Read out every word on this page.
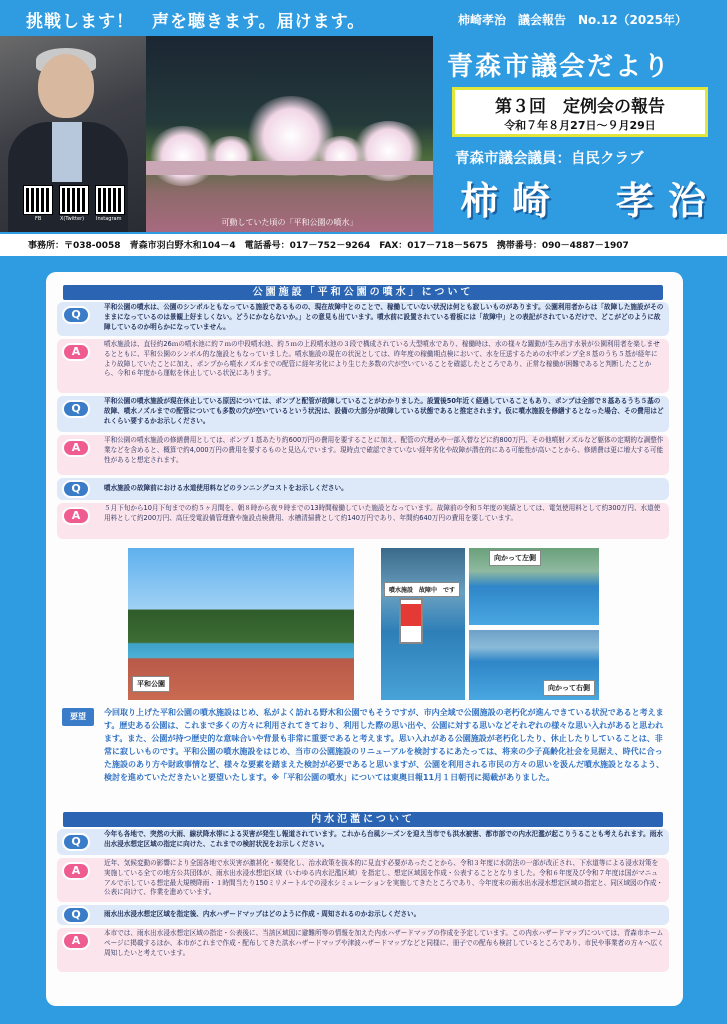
挑戦します！　声を聴きます。届けます。
FB	X(Twitter) Instagram	可動していた頃の「平和公園の噴水」
柿崎孝治　議会報告　No.12（2025年）
青森市議会だより
第３回　定例会の報告
令和７年８月27日～９月29日
青森市議会議員：自民クラブ
柿崎　孝治
事務所：〒038-0058　青森市羽白野木和104－4　電話番号：017－752－9264　FAX：017－718－5675　携帯番号：090－4887－1907
公園施設「平和公園の噴水」について
Q
平和公園の噴水は、公園のシンボルともなっている施設であるものの、現在故障中とのことで、稼働していない状況は何とも寂しいものがあります。公園利用者からは「故障した施設がそのままになっているのは景観上好ましくない。どうにかならないか。」との意見も出ています。噴水前に設置されている看板には「故障中」との表記がされているだけで、どこがどのように故障しているのか明らかになっていません。
A
噴水施設は、直径約26ｍの噴水池に約７ｍの中段噴水池、約５ｍの上段噴水池の３段で構成されている大型噴水であり、稼働時は、水の様々な躍動が生み出す水景が公園利用者を楽しませるとともに、平和公園のシンボル的な施設ともなっていました。噴水施設の現在の状況としては、昨年度の稼働期点検において、水を圧送するための水中ポンプ全８基のうち５基が経年により故障していたことに加え、ポンプから噴水ノズルまでの配管に経年劣化により生じた多数の穴が空いていることを確認したところであり、正常な稼働が困難であると判断したことから、今和６年度から運転を休止している状況にあります。
Q
平和公園の噴水施設が現在休止している原因については、ポンプと配管が故障していることがわかりました。設置後50年近く経過していることもあり、ポンプは全部で８基あるうち５基の故障、噴水ノズルまでの配管についても多数の穴が空いているという状況は、設備の大部分が故障している状態であると推定されます。仮に噴水施設を修繕するとなった場合、その費用はどれくらい要するかお示しください。
A
平和公園の噴水施設の修繕費用としては、ポンプ１基あたり約600万円の費用を要することに加え、配管の穴埋めや一部入替などに約800万円、その他噴射ノズルなど躯体の定期的な調整作業などを含めると、概算で約4,000万円の費用を要するものと見込んでいます。現時点で確認できていない経年劣化や故障が潜在的にある可能性が高いことから、修繕費は更に増大する可能性があると想定されます。
Q	噴水施設の故障前における水道使用料などのランニングコストをお示しください。
A
５月下旬から10月下旬までの約５ヶ月間を、朝８時から夜９時までの13時間稼働していた施設となっています。故障前の令和５年度の実績としては、電気使用料として約300万円、水道使用料として約200万円、高圧受電設備管理費や施設点検費用、水槽清掃費として約140万円であり、年間約640万円の費用を要しています。
平和公園
噴水施設　故障中　です
向かって左側
向かって右側
要望	今回取り上げた平和公園の噴水施設はじめ、私がよく訪れる野木和公園でもそうですが、市内全域で公園施設の老朽化が進んできている状況であると考えます。歴史ある公園は、これまで多くの方々に利用されてきており、利用した際の思い出や、公園に対する思いなどそれぞれの様々な思い入れがあると思われます。また、公園が持つ歴史的な意味合いや背景も非常に重要であると考えます。思い入れがある公園施設が老朽化したり、休止したりしていることは、非常に寂しいものです。平和公園の噴水施設をはじめ、当市の公園施設のリニューアルを検討するにあたっては、将来の少子高齢化社会を見据え、時代に合った施設のあり方や財政事情など、様々な要素を踏まえた検討が必要であると思いますが、公園を利用される市民の方々の思いを汲んだ噴水施設となるよう、検討を進めていただきたいと要望いたします。※「平和公園の噴水」については東奥日報11月１日朝刊に掲載がありました。
内水氾濫について
Q
今年も各地で、突然の大雨、線状降水帯による災害が発生し報道されています。これから台風シーズンを迎え当市でも洪水被害、都市部での内水氾濫が起こりうることも考えられます。雨水出水浸水想定区域の指定に向けた、これまでの検討状況をお示しください。
A
近年、気候変動の影響により全国各地で水災害が激甚化・頻発化し、治水政策を抜本的に見直す必要があったことから、令和３年度に水防法の一部が改正され、下水道等による浸水対策を実施している全ての地方公共団体が、雨水出水浸水想定区域（いわゆる内水氾濫区域）を指定し、想定区域図を作成・公表することとなりました。令和６年度及び令和７年度は国がマニュアルで示している想定最大規模降雨・１時間当たり150ミリメートルでの浸水シミュレーションを実施してきたところであり、今年度末の雨水出水浸水想定区域の指定と、同区域図の作成・公表に向けて、作業を進めています。
Q	雨水出水浸水想定区域を指定後、内水ハザードマップはどのように作成・周知されるのかお示しください。
A
本市では、雨水出水浸水想定区域の指定・公表後に、当該区域図に避難所等の情報を加えた内水ハザードマップの作成を予定しています。この内水ハザードマップについては、青森市ホームページに掲載するほか、本市がこれまで作成・配布してきた洪水ハザードマップや津波ハザードマップなどと同様に、冊子での配布も検討しているところであり、市民や事業者の方々へ広く周知したいと考えています。
